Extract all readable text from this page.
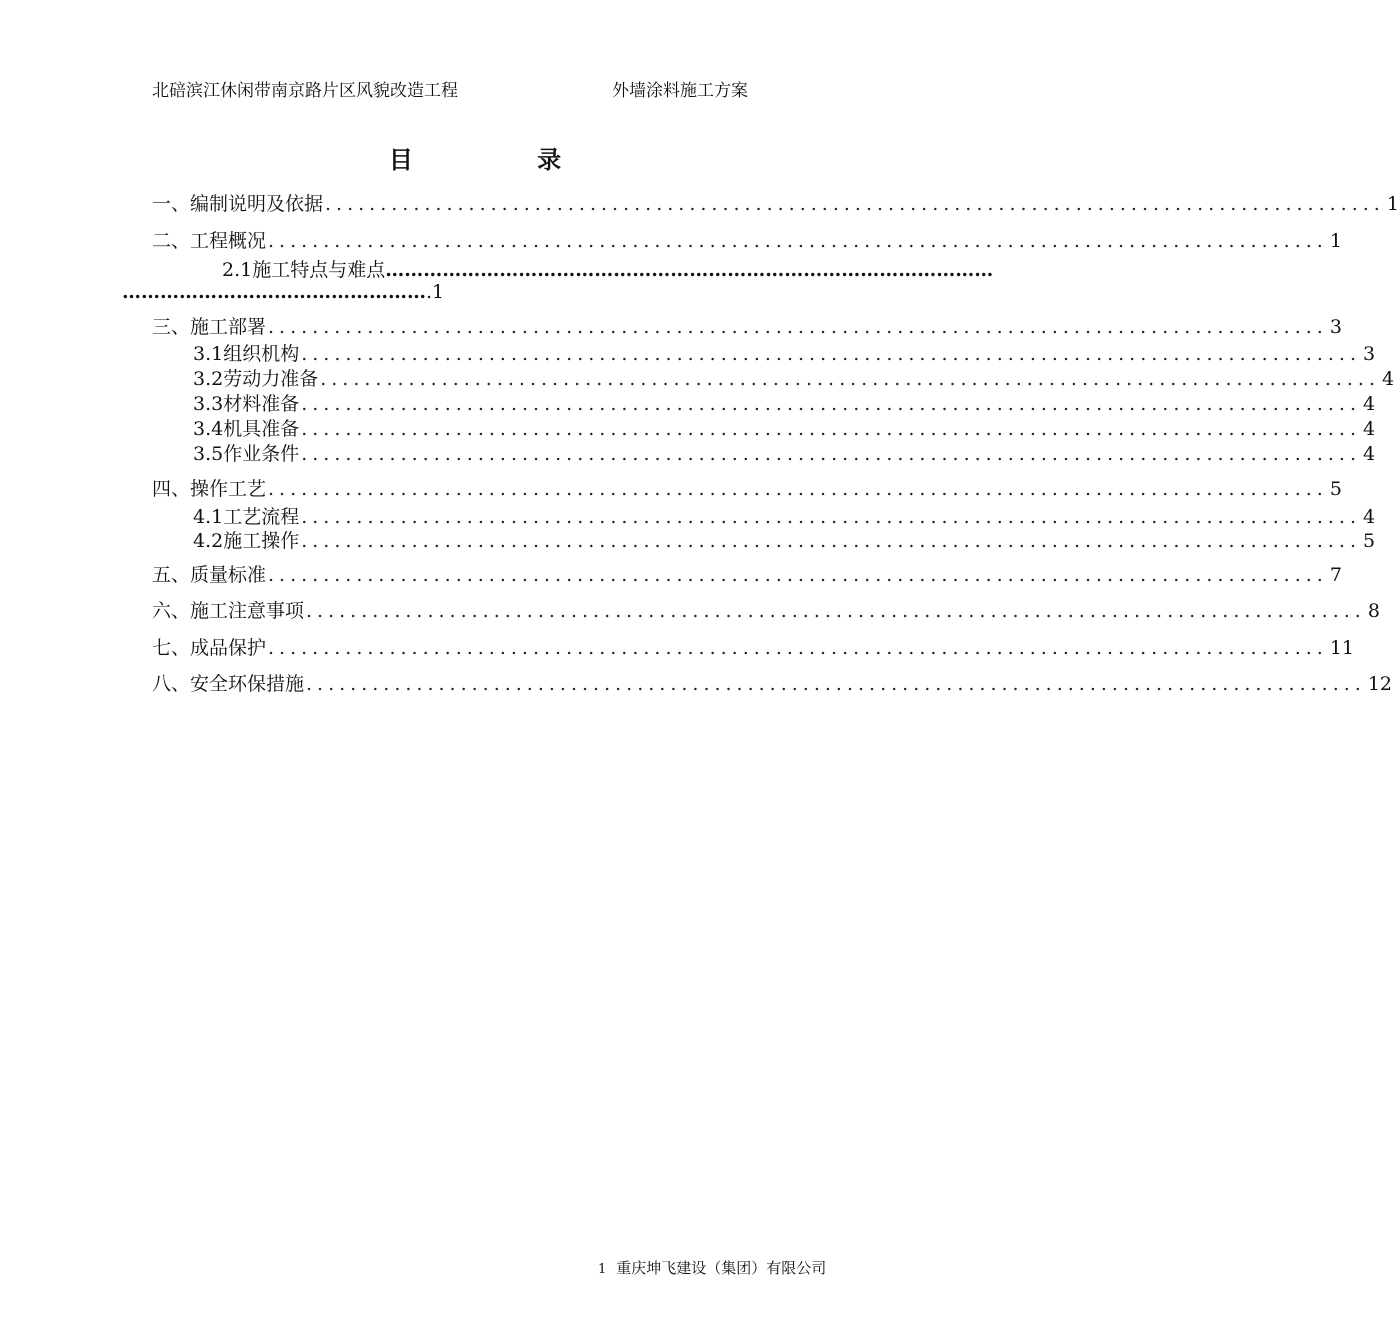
北碚滨江休闲带南京路片区风貌改造工程	外墙涂料施工方案
目 录
一、编制说明及依据 ................................................................................................ 1
二、工程概况 ................................................................................................ 1
2.1施工特点与难点……………………………………………………………………………………
………………………………………….1
三、施工部署 ................................................................................................ 3
3.1组织机构 ................................................................................................ 3
3.2劳动力准备 ................................................................................................ 4
3.3材料准备 ................................................................................................ 4
3.4机具准备 ................................................................................................ 4
3.5作业条件 ................................................................................................ 4
四、操作工艺 ................................................................................................ 5
4.1工艺流程 ................................................................................................ 4
4.2施工操作 ................................................................................................ 5
五、质量标准 ................................................................................................ 7
六、施工注意事项 ................................................................................................ 8
七、成品保护 ................................................................................................ 11
八、安全环保措施 ................................................................................................ 12
1 重庆坤飞建设（集团）有限公司
